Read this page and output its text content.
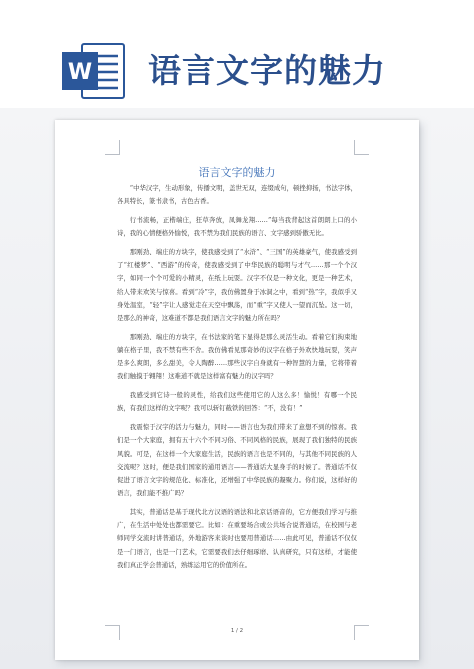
W 语言文字的魅力
语言文字的魅力

“中华汉字，生动形象，传播文明，盖世无双，连缀成句，顿挫抑扬，书法字体，各具特长，篆书隶书，古色古香。

行书流畅，正楷端庄，狂草奔放，凤舞龙翔……”每当我背起这首朗朗上口的小诗，我的心情便格外愉悦，我不禁为我们民族的语言、文字感到骄傲无比。

那刚劲、端庄的方块字，使我感受到了“水浒”、“三国”的英雄豪气，使我感受到了“红楼梦”、“西游”的传奇，使我感受到了中华民族的聪明与才气……那一个个汉字，如同一个个可爱的小精灵，在纸上玩耍。汉字不仅是一种文化，更是一种艺术，给人带来欢笑与惊喜。看到“冷”字，我仿佛置身于冰洞之中，看到“热”字，我似乎又身处温室，“轻”字让人感觉走在天空中飘荡，而“重”字又使人一望而沉坠。这一切，是那么的神奇，这难道不都是我们语言文字的魅力所在吗？

那刚劲、端庄的方块字，在书法家的笔下显得是那么灵活生动。看着它们拘束地躺在格子里，我不禁有些不舍。我仿佛看见那奇妙的汉字在格子外欢快地玩耍，笑声是多么爽朗，多么甜美，令人陶醉……那些汉字自身就有一种智慧的力量，它将带着我们触摸于翱翔！这难道不就是这样富有魅力的汉字吗？

我感受到它诗一般的灵性，给我们这些使用它的人这么多！愉悦！有哪一个民族，有我们这样的文字呢？我可以斩钉截铁的回答：“不，没有！”

我震惊于汉字的活力与魅力，同时——语言也为我们带来了意想不到的惊喜。我们是一个大家庭，拥有五十六个不同习俗、不同风格的民族，展现了我们独特的民族风貌。可是，在这样一个大家庭生活，民族的语言也是不同的，与其他不同民族的人交流呢？这时，便是我们国家的通用语言——普通话大显身手的时候了。普通话不仅促进了语言文字的规范化、标准化，还增强了中华民族的凝聚力。你们说，这样好的语言，我们能不推广吗？

其实，普通话是基于现代北方汉语的语法和北京话语音的，它方便我们学习与推广，在生活中处处也都需要它。比如：在重要场合或公共场合说普通话，在校园与老师同学交流时讲普通话，外地游客来谈时也要用普通话……由此可见，普通话不仅仅是一门语言，也是一门艺术，它需要我们去仔细琢磨、认真研究，只有这样，才能使我们真正学会普通话，熟练运用它的价值所在。

1 / 2
